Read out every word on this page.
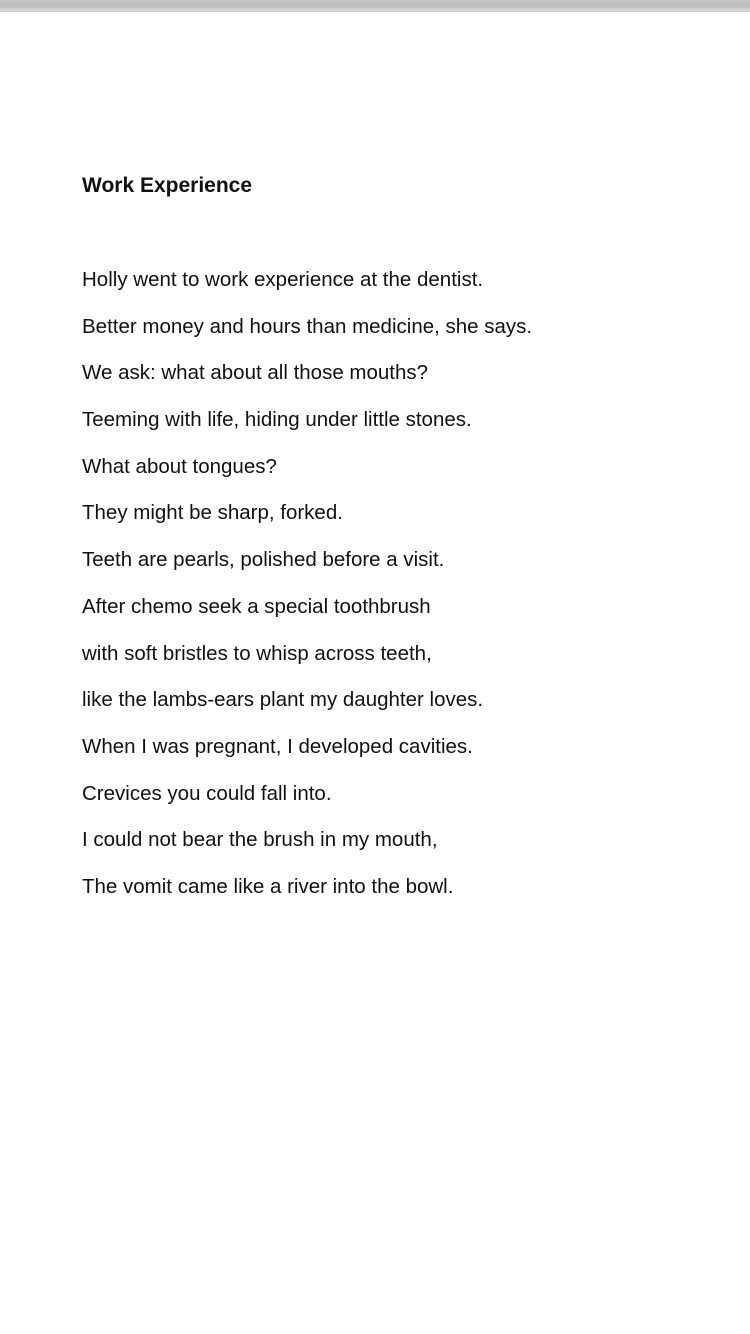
Work Experience
Holly went to work experience at the dentist.
Better money and hours than medicine, she says.
We ask: what about all those mouths?
Teeming with life, hiding under little stones.
What about tongues?
They might be sharp, forked.
Teeth are pearls, polished before a visit.
After chemo seek a special toothbrush
with soft bristles to whisp across teeth,
like the lambs-ears plant my daughter loves.
When I was pregnant, I developed cavities.
Crevices you could fall into.
I could not bear the brush in my mouth,
The vomit came like a river into the bowl.
